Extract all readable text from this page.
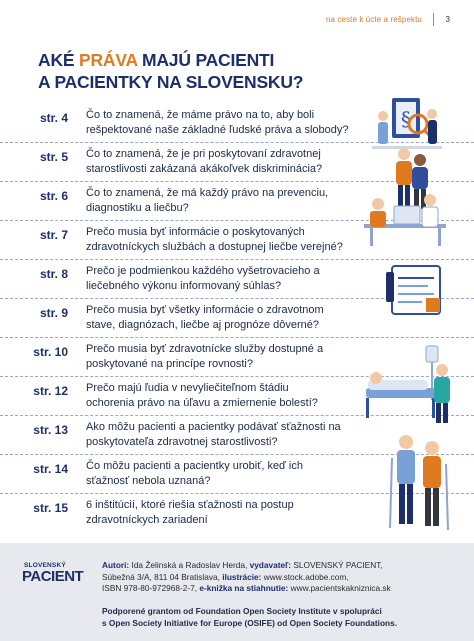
na ceste k úcte a rešpektu	3
AKÉ PRÁVA MAJÚ PACIENTI
A PACIENTKY NA SLOVENSKU?
str. 4 Čo to znamená, že máme právo na to, aby boli
rešpektované naše základné ľudské práva a slobody?
str. 5 Čo to znamená, že je pri poskytovaní zdravotnej
starostlivosti zakázaná akákoľvek diskriminácia?
str. 6 Čo to znamená, že má každý právo na prevenciu,
diagnostiku a liečbu?
str. 7 Prečo musia byť informácie o poskytovaných
zdravotníckych službách a dostupnej liečbe verejné?
str. 8 Prečo je podmienkou každého vyšetrovacieho a
liečebného výkonu informovaný súhlas?
str. 9 Prečo musia byť všetky informácie o zdravotnom
stave, diagnózach, liečbe aj prognóze dôverné?
str. 10 Prečo musia byť zdravotnícke služby dostupné a
poskytované na princípe rovnosti?
str. 12 Prečo majú ľudia v nevyliečiteľnom štádiu
ochorenia právo na úľavu a zmiernenie bolestí?
str. 13 Ako môžu pacienti a pacientky podávať sťažnosti na
poskytovateľa zdravotnej starostlivosti?
str. 14 Čo môžu pacienti a pacientky urobiť, keď ich
sťažnosť nebola uznaná?
str. 15 6 inštitúcií, ktoré riešia sťažnosti na postup
zdravotníckych zariadení
§
SLOVENSKÝ
PACIENT
Autori: Ida Želinská a Radoslav Herda, vydavateľ: SLOVENSKÝ PACIENT,
Súbežná 3/A, 811 04 Bratislava, ilustrácie: www.stock.adobe.com,
ISBN 978-80-972968-2-7, e-knižka na stiahnutie: www.pacientskakniznica.sk
Podporené grantom od Foundation Open Society Institute v spolupráci
s Open Society Initiative for Europe (OSIFE) od Open Society Foundations.
